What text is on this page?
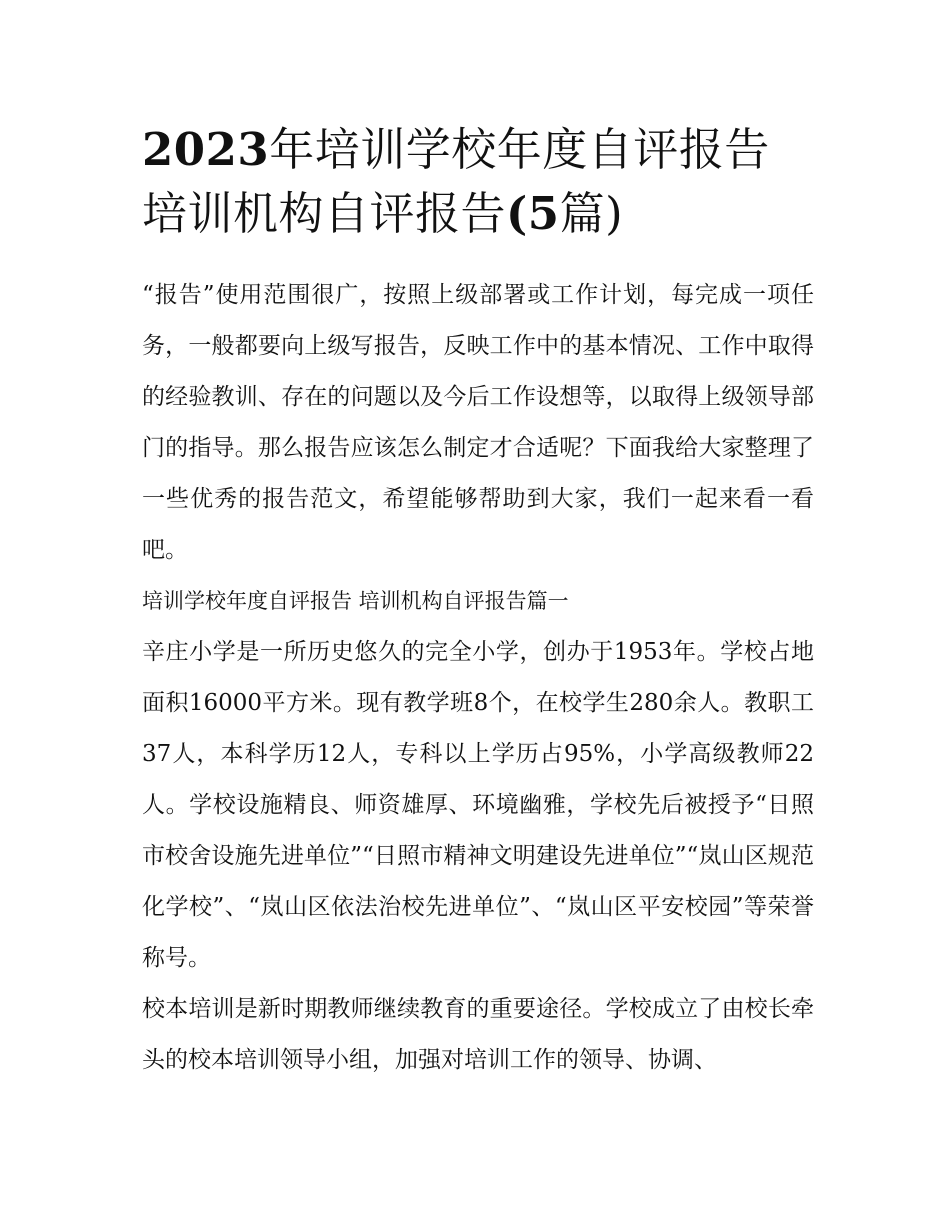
2023年培训学校年度自评报告培训机构自评报告(5篇)

“报告”使用范围很广，按照上级部署或工作计划，每完成一项任务，一般都要向上级写报告，反映工作中的基本情况、工作中取得的经验教训、存在的问题以及今后工作设想等，以取得上级领导部门的指导。那么报告应该怎么制定才合适呢？下面我给大家整理了一些优秀的报告范文，希望能够帮助到大家，我们一起来看一看吧。

培训学校年度自评报告 培训机构自评报告篇一

辛庄小学是一所历史悠久的完全小学，创办于1953年。学校占地面积16000平方米。现有教学班8个，在校学生280余人。教职工37人，本科学历12人，专科以上学历占95%，小学高级教师22人。学校设施精良、师资雄厚、环境幽雅，学校先后被授予“日照市校舍设施先进单位”“日照市精神文明建设先进单位”“岚山区规范化学校”、“岚山区依法治校先进单位”、“岚山区平安校园”等荣誉称号。

校本培训是新时期教师继续教育的重要途径。学校成立了由校长牵头的校本培训领导小组，加强对培训工作的领导、协调、
